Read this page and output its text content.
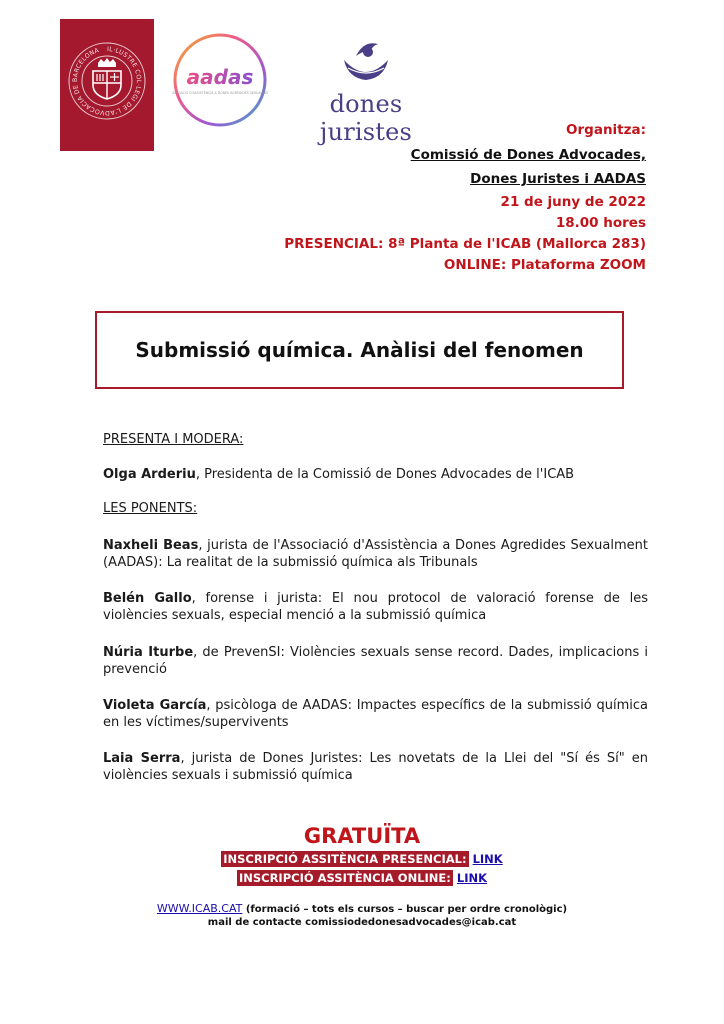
IL·LUSTRE COL·LEGI DE L'ADVOCACIA DE BARCELONA
aadas
ASSOCIACIÓ D'ASSISTÈNCIA A DONES AGREDIDES SEXUALMENT	dones juristes	Organitza:
Comissió de Dones Advocades,
Dones Juristes i AADAS
21 de juny de 2022
18.00 hores
PRESENCIAL: 8ª Planta de l'ICAB (Mallorca 283)
ONLINE: Plataforma ZOOM
Submissió química. Anàlisi del fenomen
PRESENTA I MODERA:
Olga Arderiu, Presidenta de la Comissió de Dones Advocades de l'ICAB
LES PONENTS:
Naxheli Beas, jurista de l'Associació d'Assistència a Dones Agredides Sexualment (AADAS): La realitat de la submissió química als Tribunals
Belén Gallo, forense i jurista: El nou protocol de valoració forense de les violències sexuals, especial menció a la submissió química
Núria Iturbe, de PrevenSI: Violències sexuals sense record. Dades, implicacions i prevenció
Violeta García, psicòloga de AADAS: Impactes específics de la submissió química en les víctimes/supervivents
Laia Serra, jurista de Dones Juristes: Les novetats de la Llei del "Sí és Sí" en violències sexuals i submissió química
GRATUÏTA
INSCRIPCIÓ ASSITÈNCIA PRESENCIAL: LINK
INSCRIPCIÓ ASSITÈNCIA ONLINE: LINK
WWW.ICAB.CAT (formació – tots els cursos – buscar per ordre cronològic)
mail de contacte comissiodedonesadvocades@icab.cat
